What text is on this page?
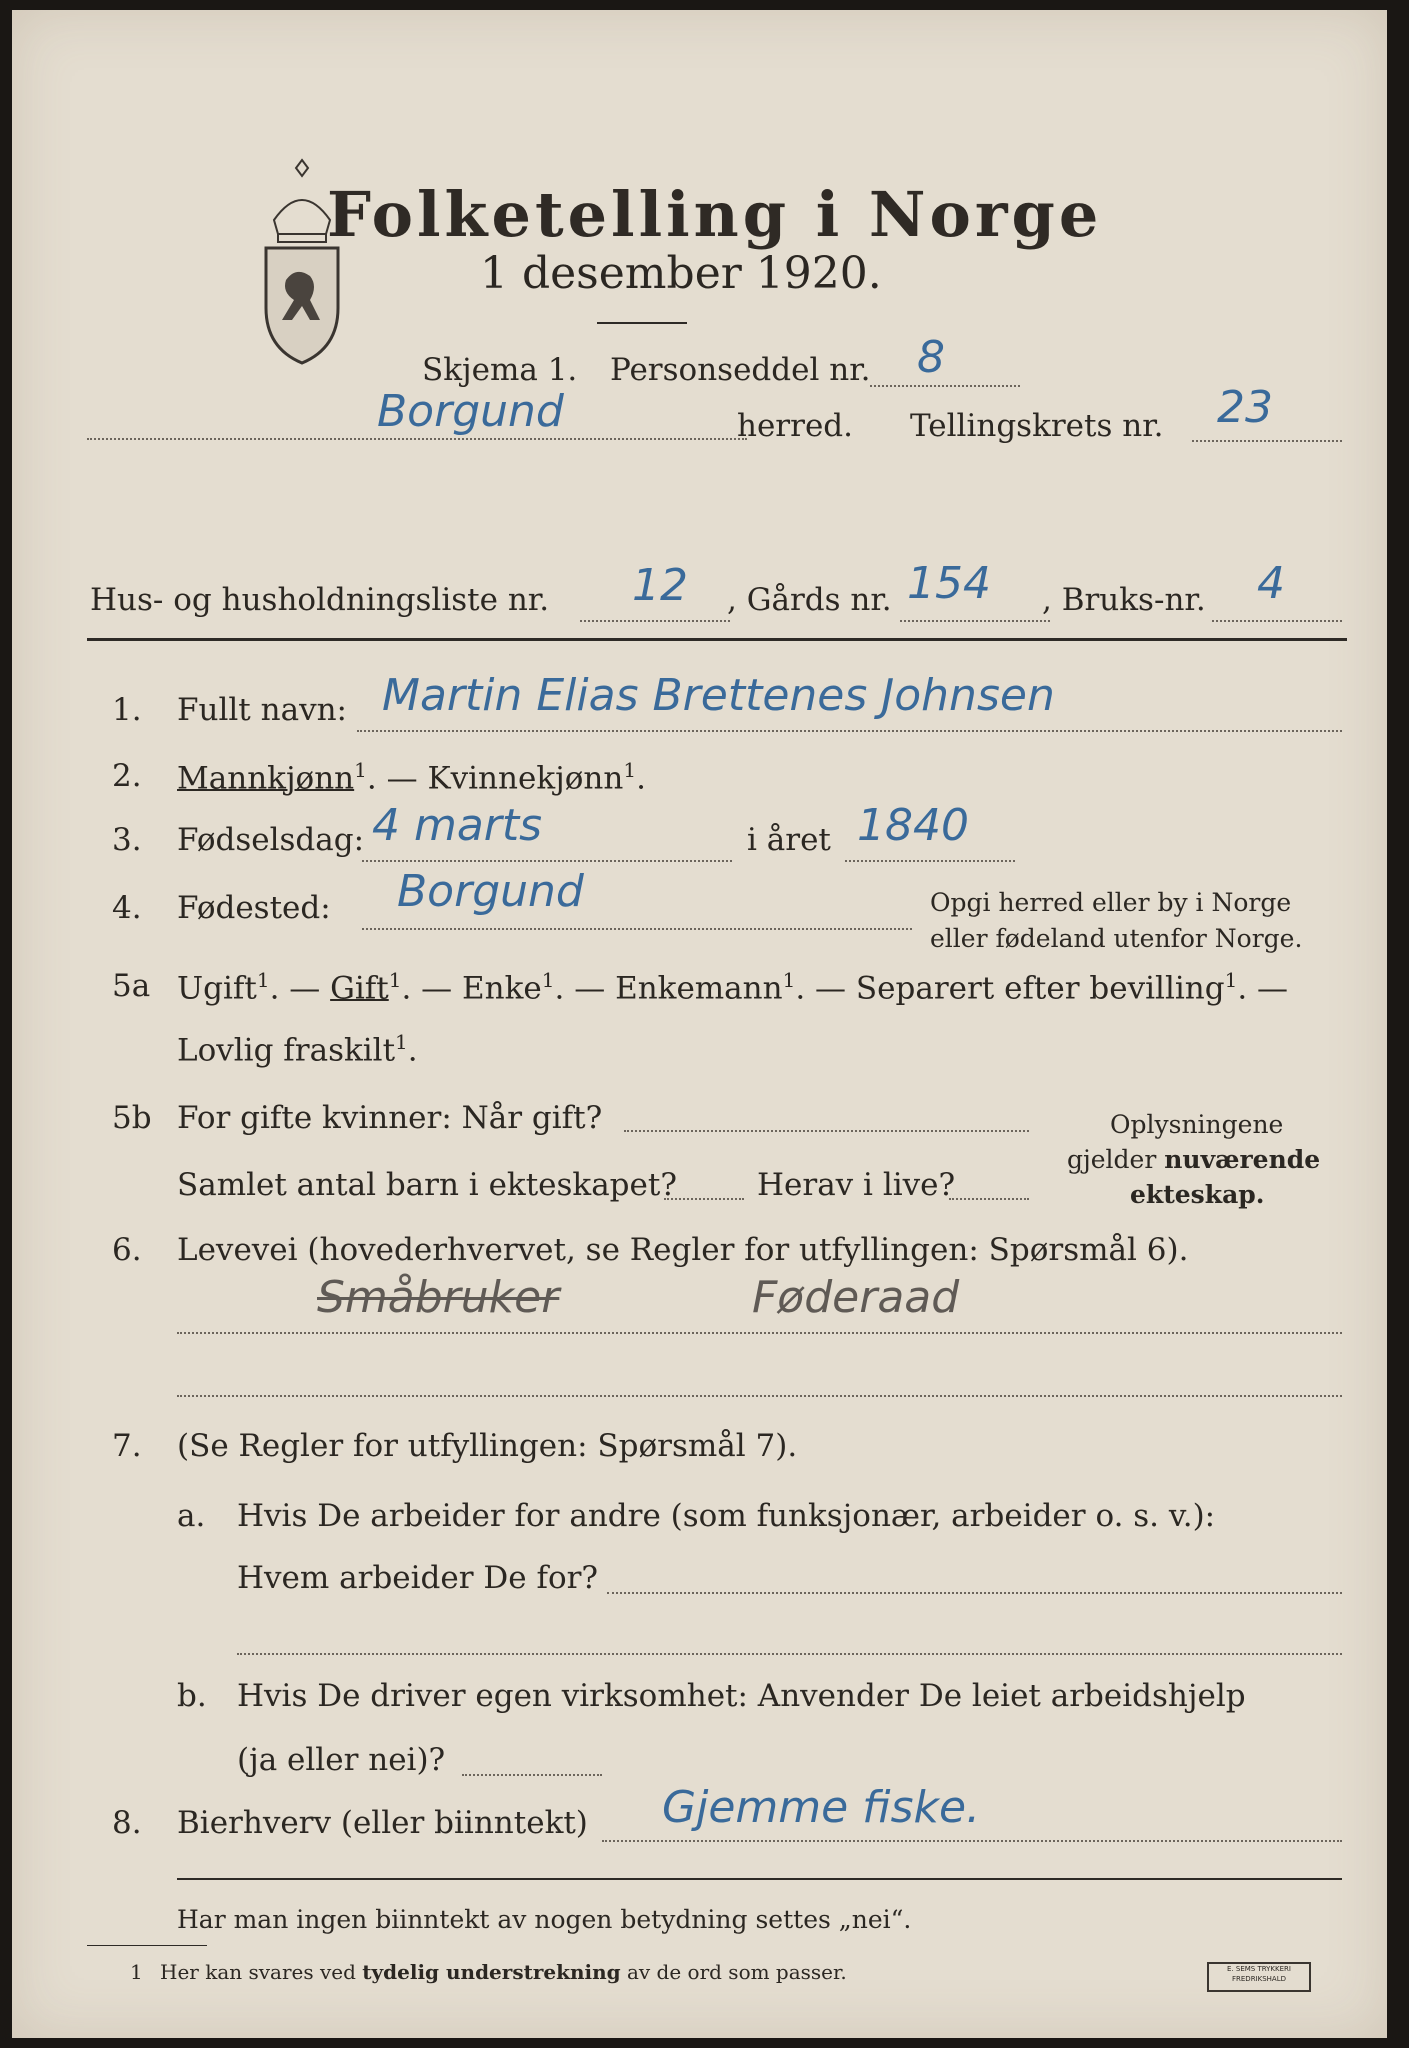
Folketelling i Norge
1 desember 1920.
Skjema 1. Personseddel nr. 8
Borgund	herred. Tellingskrets nr. 23
Hus- og husholdningsliste nr. 12 , Gårds nr. 154 , Bruks-nr. 4
1. Fullt navn: Martin Elias Brettenes Johnsen
2. Mannkjønn$^1$. — Kvinnekjønn$^1$.
3. Fødselsdag: 4 marts	i året 1840
4. Fødested: Borgund	Opgi herred eller by i Norge
eller fødeland utenfor Norge.
5a Ugift$^1$. — Gift$^1$. — Enke$^1$. — Enkemann$^1$. — Separert efter bevilling$^1$. —
Lovlig fraskilt$^1$.
5b For gifte kvinner: Når gift?
Samlet antal barn i ekteskapet?	Herav i live?
Oplysningene
gjelder nuværende
ekteskap.
6. Levevei (hovederhvervet, se Regler for utfyllingen: Spørsmål 6).
Småbruker	Føderaad
7. (Se Regler for utfyllingen: Spørsmål 7).
a. Hvis De arbeider for andre (som funksjonær, arbeider o. s. v.):
Hvem arbeider De for?
b. Hvis De driver egen virksomhet: Anvender De leiet arbeidshjelp
(ja eller nei)?
8. Bierhverv (eller biinntekt) Gjemme fiske.
Har man ingen biinntekt av nogen betydning settes „nei“.
1 Her kan svares ved tydelig understrekning av de ord som passer.	E. SEMS TRYKKERI FREDRIKSHALD
